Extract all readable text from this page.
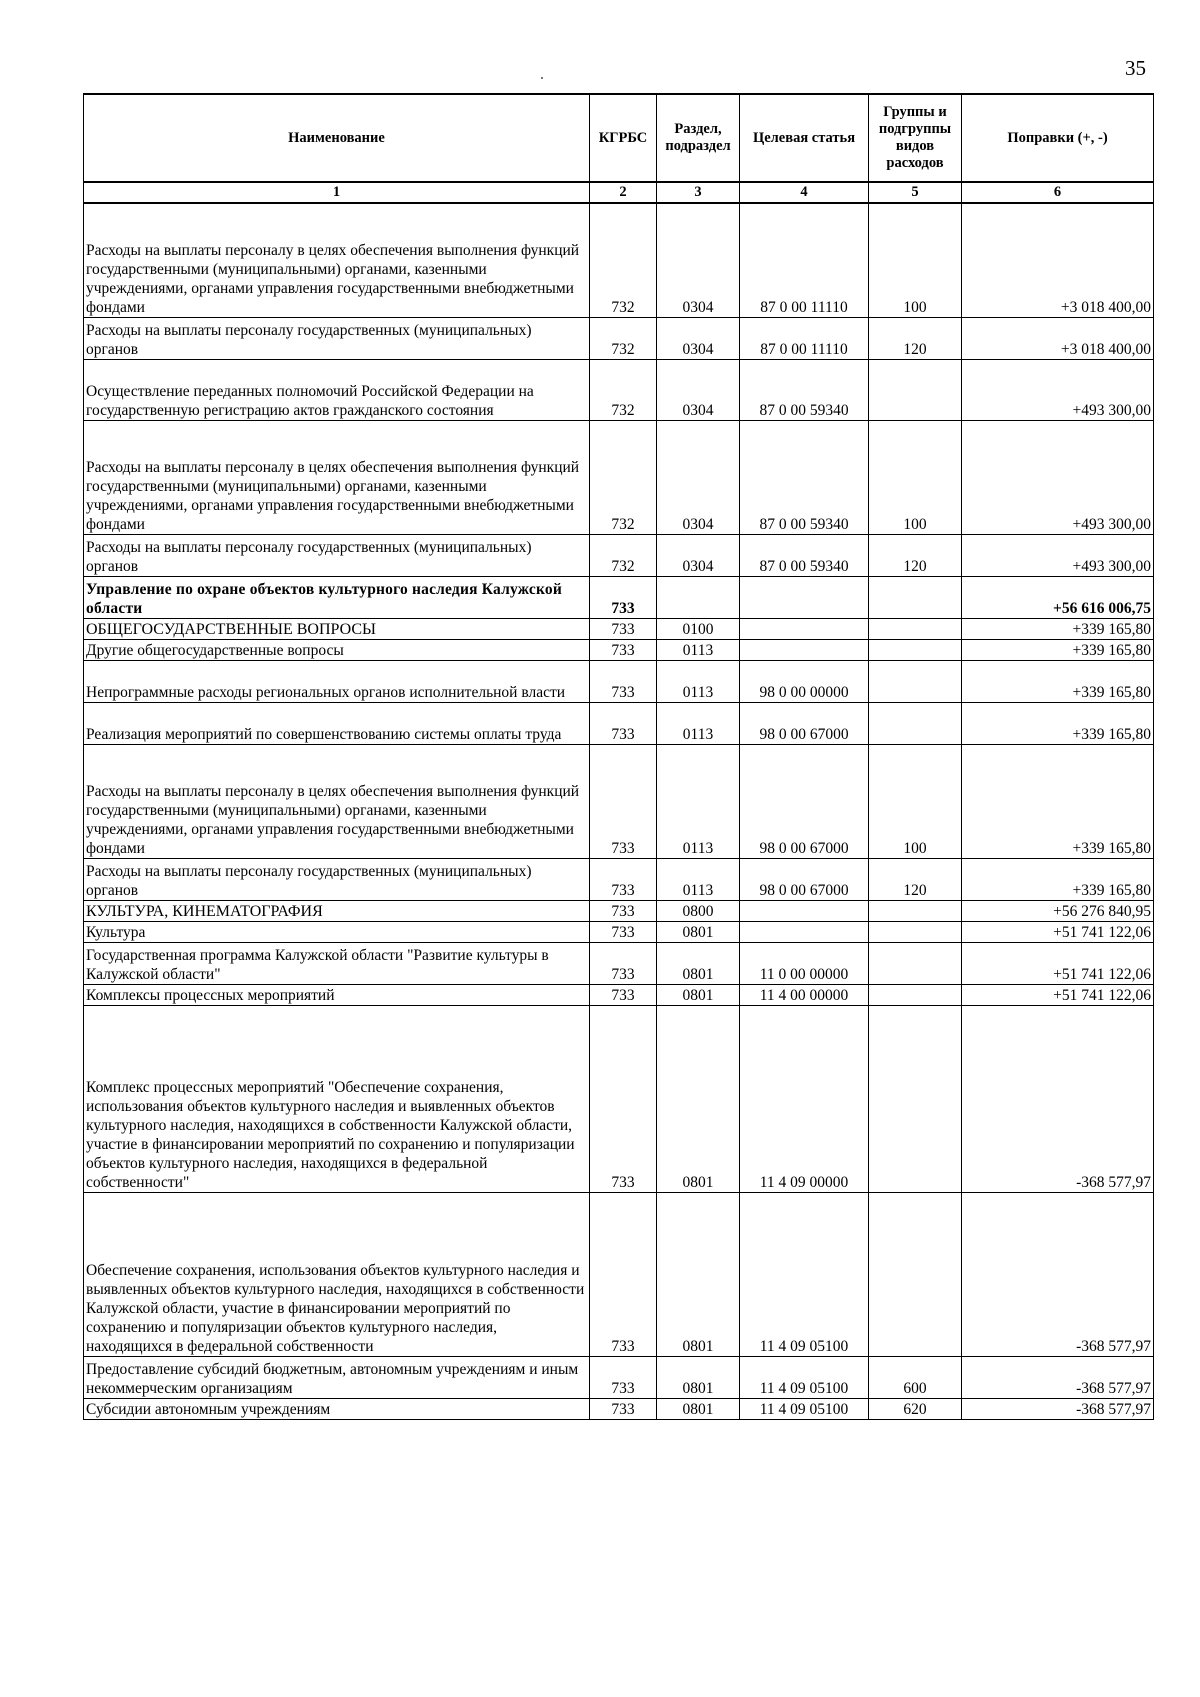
35
Наименование	КГРБС	Раздел, подраздел	Целевая статья	Группы и подгруппы видов расходов	Поправки (+, -)
1	2	3	4	5	6
Расходы на выплаты персоналу в целях обеспечения выполнения функций государственными (муниципальными) органами, казенными учреждениями, органами управления государственными внебюджетными фондами	732	0304	87 0 00 11110	100	+3 018 400,00
Расходы на выплаты персоналу государственных (муниципальных) органов	732	0304	87 0 00 11110	120	+3 018 400,00
Осуществление переданных полномочий Российской Федерации на государственную регистрацию актов гражданского состояния	732	0304	87 0 00 59340		+493 300,00
Расходы на выплаты персоналу в целях обеспечения выполнения функций государственными (муниципальными) органами, казенными учреждениями, органами управления государственными внебюджетными фондами	732	0304	87 0 00 59340	100	+493 300,00
Расходы на выплаты персоналу государственных (муниципальных) органов	732	0304	87 0 00 59340	120	+493 300,00
Управление по охране объектов культурного наследия Калужской области	733				+56 616 006,75
ОБЩЕГОСУДАРСТВЕННЫЕ ВОПРОСЫ	733	0100			+339 165,80
Другие общегосударственные вопросы	733	0113			+339 165,80
Непрограммные расходы региональных органов исполнительной власти	733	0113	98 0 00 00000		+339 165,80
Реализация мероприятий по совершенствованию системы оплаты труда	733	0113	98 0 00 67000		+339 165,80
Расходы на выплаты персоналу в целях обеспечения выполнения функций государственными (муниципальными) органами, казенными учреждениями, органами управления государственными внебюджетными фондами	733	0113	98 0 00 67000	100	+339 165,80
Расходы на выплаты персоналу государственных (муниципальных) органов	733	0113	98 0 00 67000	120	+339 165,80
КУЛЬТУРА, КИНЕМАТОГРАФИЯ	733	0800			+56 276 840,95
Культура	733	0801			+51 741 122,06
Государственная программа Калужской области "Развитие культуры в Калужской области"	733	0801	11 0 00 00000		+51 741 122,06
Комплексы процессных мероприятий	733	0801	11 4 00 00000		+51 741 122,06
Комплекс процессных мероприятий "Обеспечение сохранения, использования объектов культурного наследия и выявленных объектов культурного наследия, находящихся в собственности Калужской области, участие в финансировании мероприятий по сохранению и популяризации объектов культурного наследия, находящихся в федеральной собственности"	733	0801	11 4 09 00000		-368 577,97
Обеспечение сохранения, использования объектов культурного наследия и выявленных объектов культурного наследия, находящихся в собственности Калужской области, участие в финансировании мероприятий по сохранению и популяризации объектов культурного наследия, находящихся в федеральной собственности	733	0801	11 4 09 05100		-368 577,97
Предоставление субсидий бюджетным, автономным учреждениям и иным некоммерческим организациям	733	0801	11 4 09 05100	600	-368 577,97
Субсидии автономным учреждениям	733	0801	11 4 09 05100	620	-368 577,97
